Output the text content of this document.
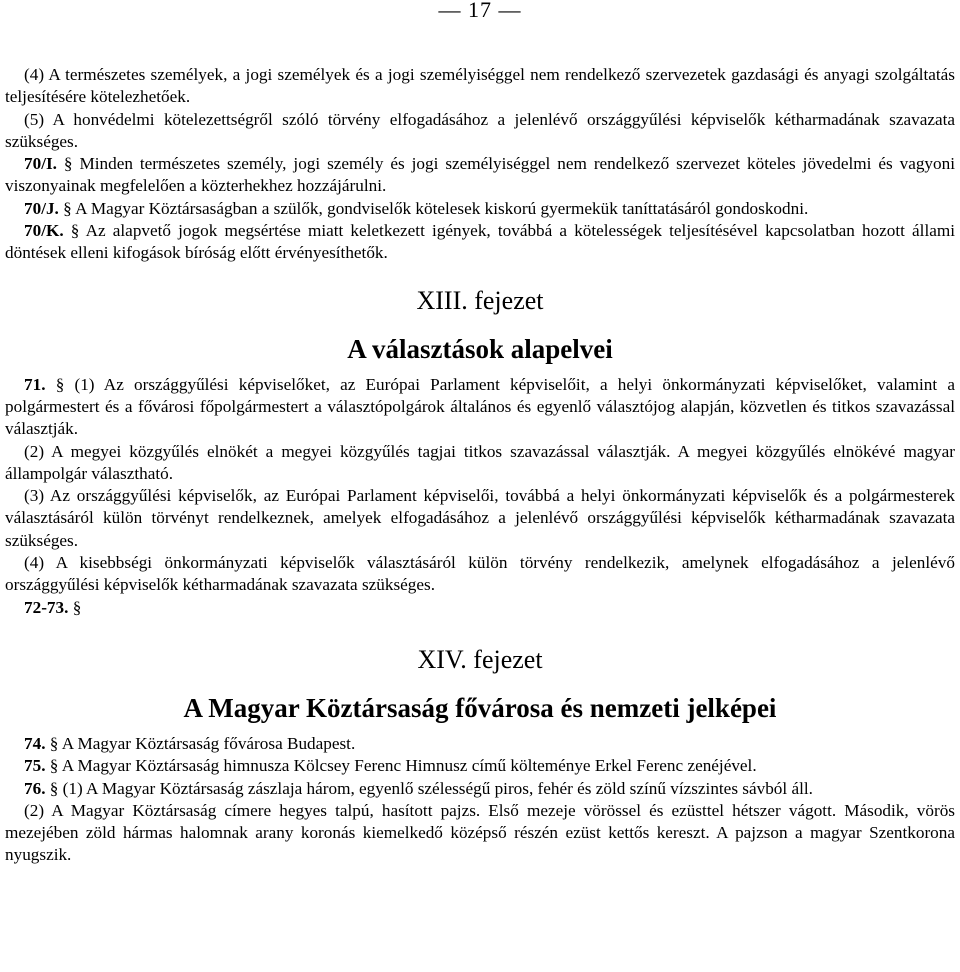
— 17 —

(4) A természetes személyek, a jogi személyek és a jogi személyiséggel nem rendelkező szervezetek gazdasági és anyagi szolgáltatás teljesítésére kötelezhetőek.

(5) A honvédelmi kötelezettségről szóló törvény elfogadásához a jelenlévő országgyűlési képviselők kétharmadának szavazata szükséges.

70/I. § Minden természetes személy, jogi személy és jogi személyiséggel nem rendelkező szervezet köteles jövedelmi és vagyoni viszonyainak megfelelően a közterhekhez hozzájárulni.

70/J. § A Magyar Köztársaságban a szülők, gondviselők kötelesek kiskorú gyermekük taníttatásáról gondoskodni.

70/K. § Az alapvető jogok megsértése miatt keletkezett igények, továbbá a kötelességek teljesítésével kapcsolatban hozott állami döntések elleni kifogások bíróság előtt érvényesíthetők.

XIII. fejezet

A választások alapelvei

71. § (1) Az országgyűlési képviselőket, az Európai Parlament képviselőit, a helyi önkormányzati képviselőket, valamint a polgármestert és a fővárosi főpolgármestert a választópolgárok általános és egyenlő választójog alapján, közvetlen és titkos szavazással választják.

(2) A megyei közgyűlés elnökét a megyei közgyűlés tagjai titkos szavazással választják. A megyei közgyűlés elnökévé magyar állampolgár választható.

(3) Az országgyűlési képviselők, az Európai Parlament képviselői, továbbá a helyi önkormányzati képviselők és a polgármesterek választásáról külön törvényt rendelkeznek, amelyek elfogadásához a jelenlévő országgyűlési képviselők kétharmadának szavazata szükséges.

(4) A kisebbségi önkormányzati képviselők választásáról külön törvény rendelkezik, amelynek elfogadásához a jelenlévő országgyűlési képviselők kétharmadának szavazata szükséges.

72-73. §

XIV. fejezet

A Magyar Köztársaság fővárosa és nemzeti jelképei

74. § A Magyar Köztársaság fővárosa Budapest.

75. § A Magyar Köztársaság himnusza Kölcsey Ferenc Himnusz című költeménye Erkel Ferenc zenéjével.

76. § (1) A Magyar Köztársaság zászlaja három, egyenlő szélességű piros, fehér és zöld színű vízszintes sávból áll.

(2) A Magyar Köztársaság címere hegyes talpú, hasított pajzs. Első mezeje vörössel és ezüsttel hétszer vágott. Második, vörös mezejében zöld hármas halomnak arany koronás kiemelkedő középső részén ezüst kettős kereszt. A pajzson a magyar Szentkorona nyugszik.
